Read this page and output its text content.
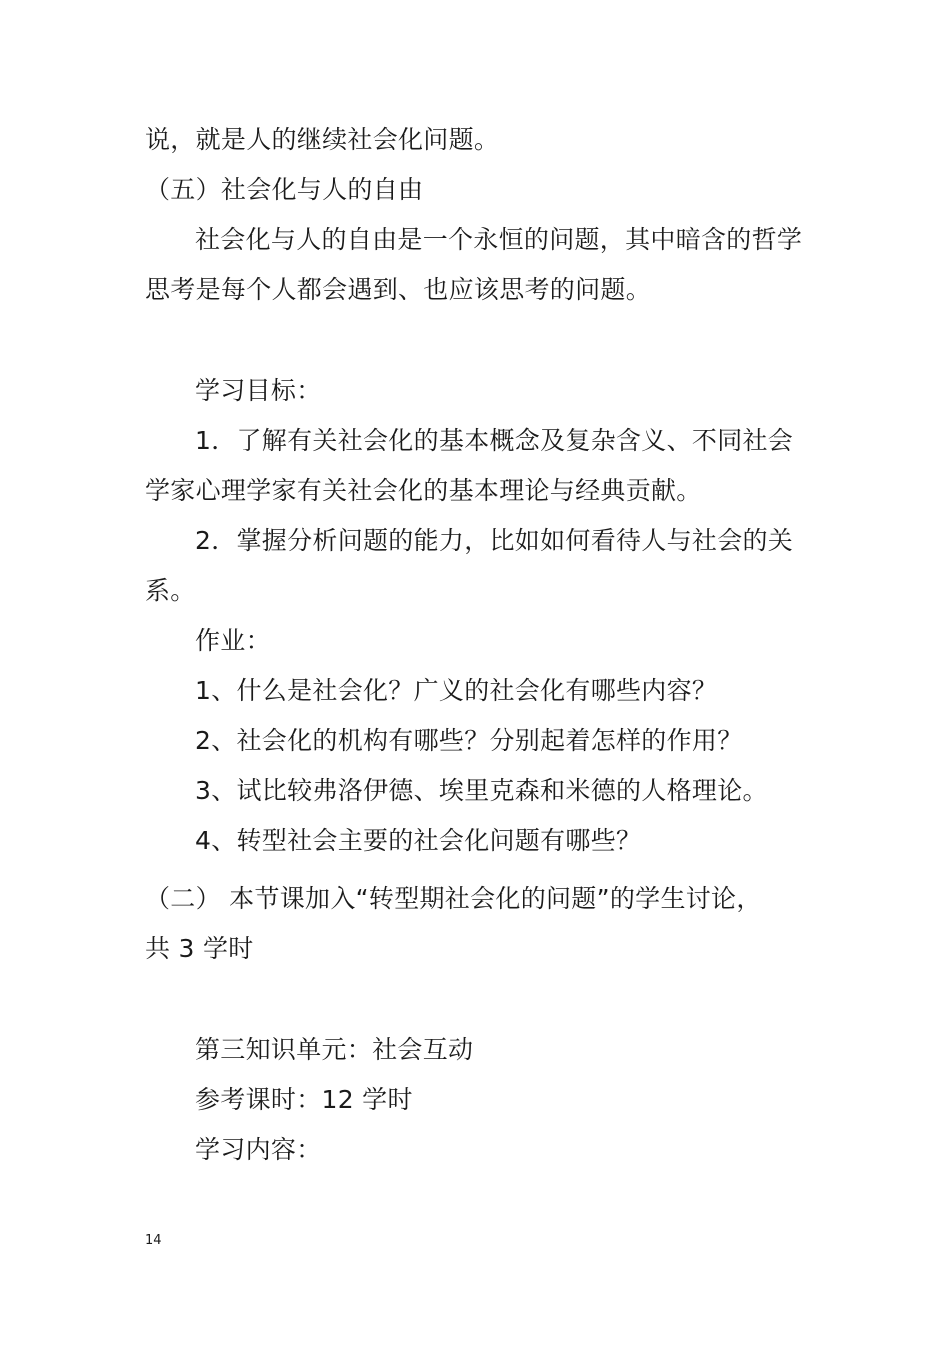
说，就是人的继续社会化问题。
（五）社会化与人的自由
社会化与人的自由是一个永恒的问题，其中暗含的哲学
思考是每个人都会遇到、也应该思考的问题。
学习目标：
1．了解有关社会化的基本概念及复杂含义、不同社会
学家心理学家有关社会化的基本理论与经典贡献。
2．掌握分析问题的能力，比如如何看待人与社会的关
系。
作业：
1、什么是社会化？广义的社会化有哪些内容？
2、社会化的机构有哪些？分别起着怎样的作用？
3、试比较弗洛伊德、埃里克森和米德的人格理论。
4、转型社会主要的社会化问题有哪些？
（二） 本节课加入“转型期社会化的问题”的学生讨论，
共 3 学时
第三知识单元：社会互动
参考课时：12 学时
学习内容：
14
